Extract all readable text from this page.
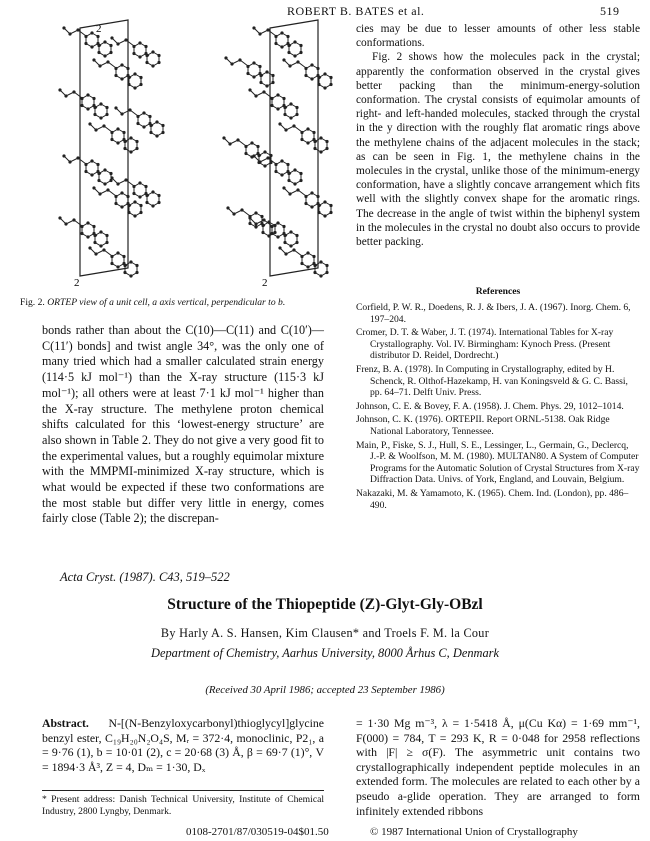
ROBERT B. BATES et al.	519
2
2	2
Fig. 2. ORTEP view of a unit cell, a axis vertical, perpendicular to b.

cies may be due to lesser amounts of other less stable conformations.

Fig. 2 shows how the molecules pack in the crystal; apparently the conformation observed in the crystal gives better packing than the minimum-energy-solution conformation. The crystal consists of equimolar amounts of right- and left-handed molecules, stacked through the crystal in the y direction with the roughly flat aromatic rings above the methylene chains of the adjacent molecules in the stack; as can be seen in Fig. 1, the methylene chains in the molecules in the crystal, unlike those of the minimum-energy conformation, have a slightly concave arrangement which fits well with the slightly convex shape for the aromatic rings. The decrease in the angle of twist within the biphenyl system in the molecules in the crystal no doubt also occurs to provide better packing.

bonds rather than about the C(10)—C(11) and C(10′)—C(11′) bonds] and twist angle 34°, was the only one of many tried which had a smaller calculated strain energy (114·5 kJ mol⁻¹) than the X-ray structure (115·3 kJ mol⁻¹); all others were at least 7·1 kJ mol⁻¹ higher than the X-ray structure. The methylene proton chemical shifts calculated for this ‘lowest-energy structure’ are also shown in Table 2. They do not give a very good fit to the experimental values, but a roughly equimolar mixture with the MMPMI-minimized X-ray structure, which is what would be expected if these two conformations are the most stable but differ very little in energy, comes fairly close (Table 2); the discrepan-

References

Corfield, P. W. R., Doedens, R. J. & Ibers, J. A. (1967). Inorg. Chem. 6, 197–204.

Cromer, D. T. & Waber, J. T. (1974). International Tables for X-ray Crystallography. Vol. IV. Birmingham: Kynoch Press. (Present distributor D. Reidel, Dordrecht.)

Frenz, B. A. (1978). In Computing in Crystallography, edited by H. Schenck, R. Olthof-Hazekamp, H. van Koningsveld & G. C. Bassi, pp. 64–71. Delft Univ. Press.

Johnson, C. E. & Bovey, F. A. (1958). J. Chem. Phys. 29, 1012–1014.

Johnson, C. K. (1976). ORTEPII. Report ORNL-5138. Oak Ridge National Laboratory, Tennessee.

Main, P., Fiske, S. J., Hull, S. E., Lessinger, L., Germain, G., Declercq, J.-P. & Woolfson, M. M. (1980). MULTAN80. A System of Computer Programs for the Automatic Solution of Crystal Structures from X-ray Diffraction Data. Univs. of York, England, and Louvain, Belgium.

Nakazaki, M. & Yamamoto, K. (1965). Chem. Ind. (London), pp. 486–490.

Acta Cryst. (1987). C43, 519–522
Structure of the Thiopeptide (Z)-Glyt-Gly-OBzl
By Harly A. S. Hansen, Kim Clausen* and Troels F. M. la Cour
Department of Chemistry, Aarhus University, 8000 Århus C, Denmark
(Received 30 April 1986; accepted 23 September 1986)
Abstract. N-[(N-Benzyloxycarbonyl)thioglycyl]glycine benzyl ester, C₁₉H₂₀N₂O₄S, Mᵣ = 372·4, monoclinic, P2₁, a = 9·76 (1), b = 10·01 (2), c = 20·68 (3) Å, β = 69·7 (1)°, V = 1894·3 Å³, Z = 4, Dₘ = 1·30, Dₓ
= 1·30 Mg m⁻³, λ = 1·5418 Å, μ(Cu Kα) = 1·69 mm⁻¹, F(000) = 784, T = 293 K, R = 0·048 for 2958 reflections with |F| ≥ σ(F). The asymmetric unit contains two crystallographically independent peptide molecules in an extended form. The molecules are related to each other by a pseudo a-glide operation. They are arranged to form infinitely extended ribbons
* Present address: Danish Technical University, Institute of Chemical Industry, 2800 Lyngby, Denmark.
0108-2701/87/030519-04$01.50	© 1987 International Union of Crystallography
